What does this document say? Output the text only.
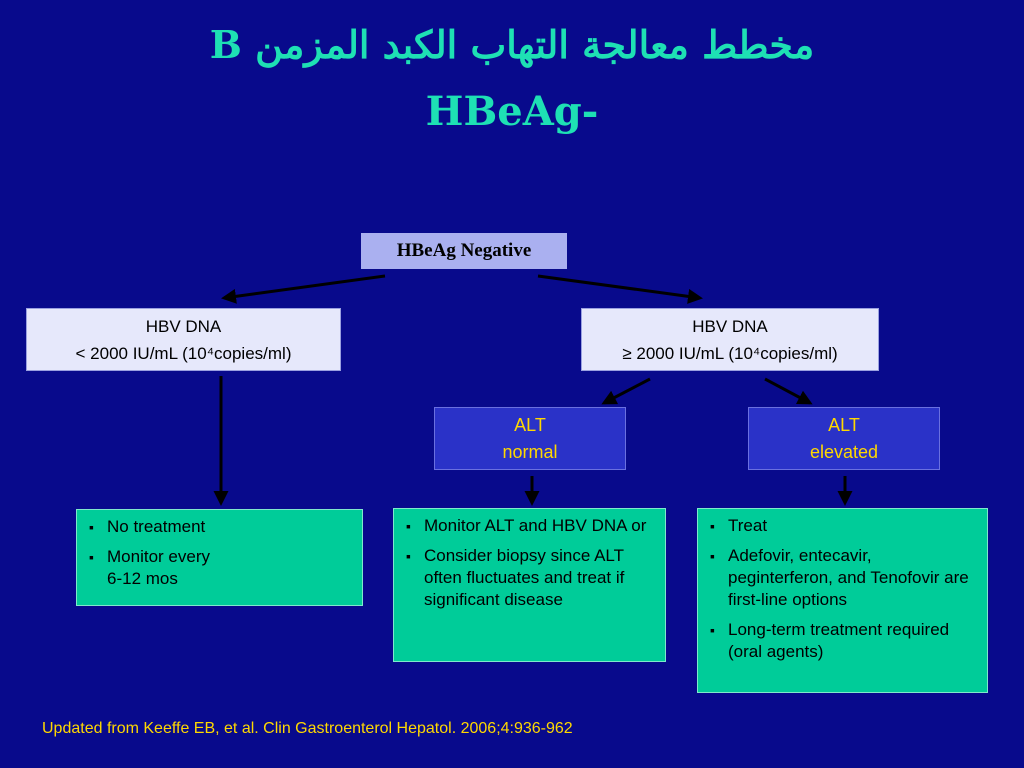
مخطط معالجة التهاب الكبد المزمن B
HBeAg-
HBeAg Negative
HBV DNA
< 2000 IU/mL (10⁴copies/ml)
HBV DNA
≥ 2000 IU/mL (10⁴copies/ml)
ALT
normal
ALT
elevated
▪ No treatment
▪ Monitor every
6-12 mos
▪ Monitor ALT and HBV DNA or
▪ Consider biopsy since ALT often fluctuates and treat if significant disease
▪ Treat
▪ Adefovir, entecavir, peginterferon, and Tenofovir are first-line options
▪ Long-term treatment required (oral agents)
Updated from Keeffe EB, et al. Clin Gastroenterol Hepatol. 2006;4:936-962
